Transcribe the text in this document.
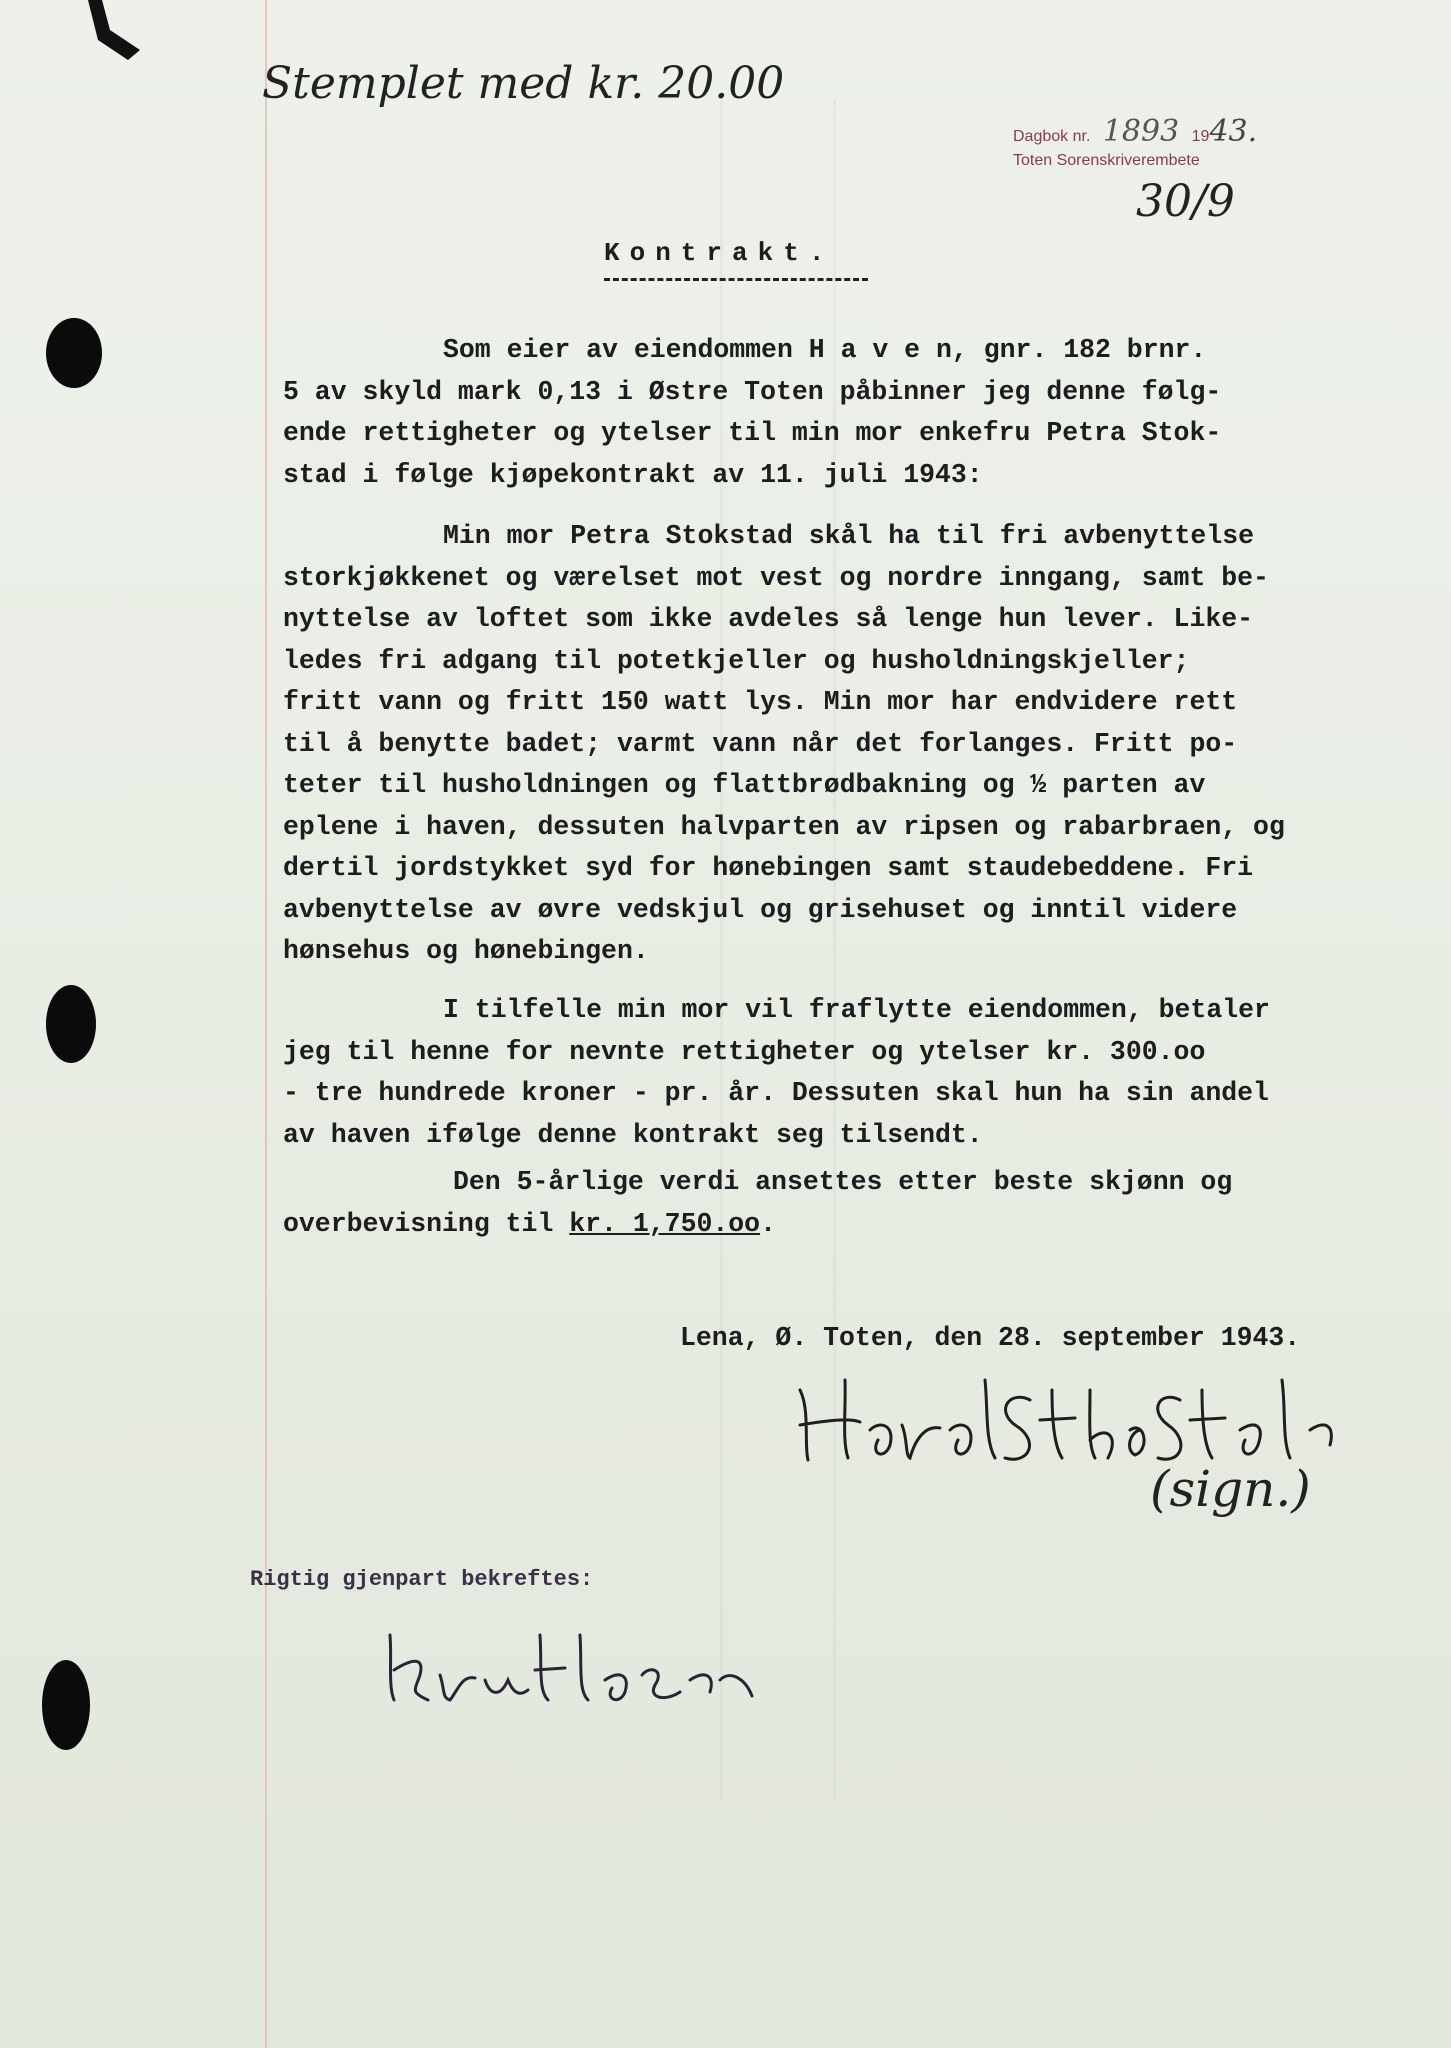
Stemplet med kr. 20.00
Dagbok nr. 1893 1943.
Toten Sorenskriverembete
30/9
Kontrakt.
Som eier av eiendommen H a v e n, gnr. 182 brnr.
5 av skyld mark 0,13 i Østre Toten påbinner jeg denne følg-
ende rettigheter og ytelser til min mor enkefru Petra Stok-
stad i følge kjøpekontrakt av 11. juli 1943:
Min mor Petra Stokstad skål ha til fri avbenyttelse
storkjøkkenet og værelset mot vest og nordre inngang, samt be-
nyttelse av loftet som ikke avdeles så lenge hun lever. Like-
ledes fri adgang til potetkjeller og husholdningskjeller;
fritt vann og fritt 150 watt lys. Min mor har endvidere rett
til å benytte badet; varmt vann når det forlanges. Fritt po-
teter til husholdningen og flattbrødbakning og ½ parten av
eplene i haven, dessuten halvparten av ripsen og rabarbraen, og
dertil jordstykket syd for hønebingen samt staudebeddene. Fri
avbenyttelse av øvre vedskjul og grisehuset og inntil videre
hønsehus og hønebingen.
I tilfelle min mor vil fraflytte eiendommen, betaler
jeg til henne for nevnte rettigheter og ytelser kr. 300.oo
- tre hundrede kroner - pr. år. Dessuten skal hun ha sin andel
av haven ifølge denne kontrakt seg tilsendt.
Den 5-årlige verdi ansettes etter beste skjønn og
overbevisning til kr. 1,750.oo.
Lena, Ø. Toten, den 28. september 1943.
(sign.)
Rigtig gjenpart bekreftes:
